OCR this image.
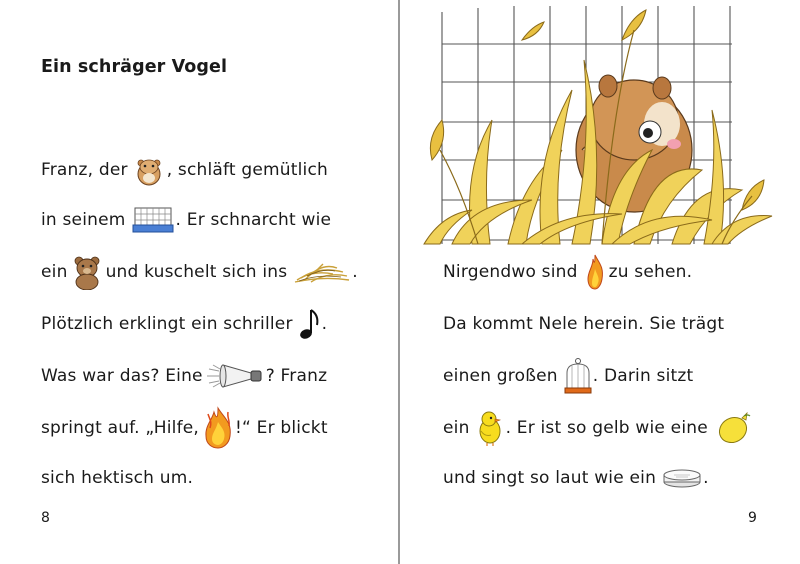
Ein schräger Vogel
Franz, der , schläft gemütlich
in seinem	. Er schnarcht wie
ein und kuschelt sich ins	.
Plötzlich erklingt ein schriller .
Was war das? Eine	? Franz
springt auf. „Hilfe, !“ Er blickt
sich hektisch um.
8
Nirgendwo sind zu sehen.
Da kommt Nele herein. Sie trägt
einen großen . Darin sitzt
ein . Er ist so gelb wie eine
und singt so laut wie ein	.
9
